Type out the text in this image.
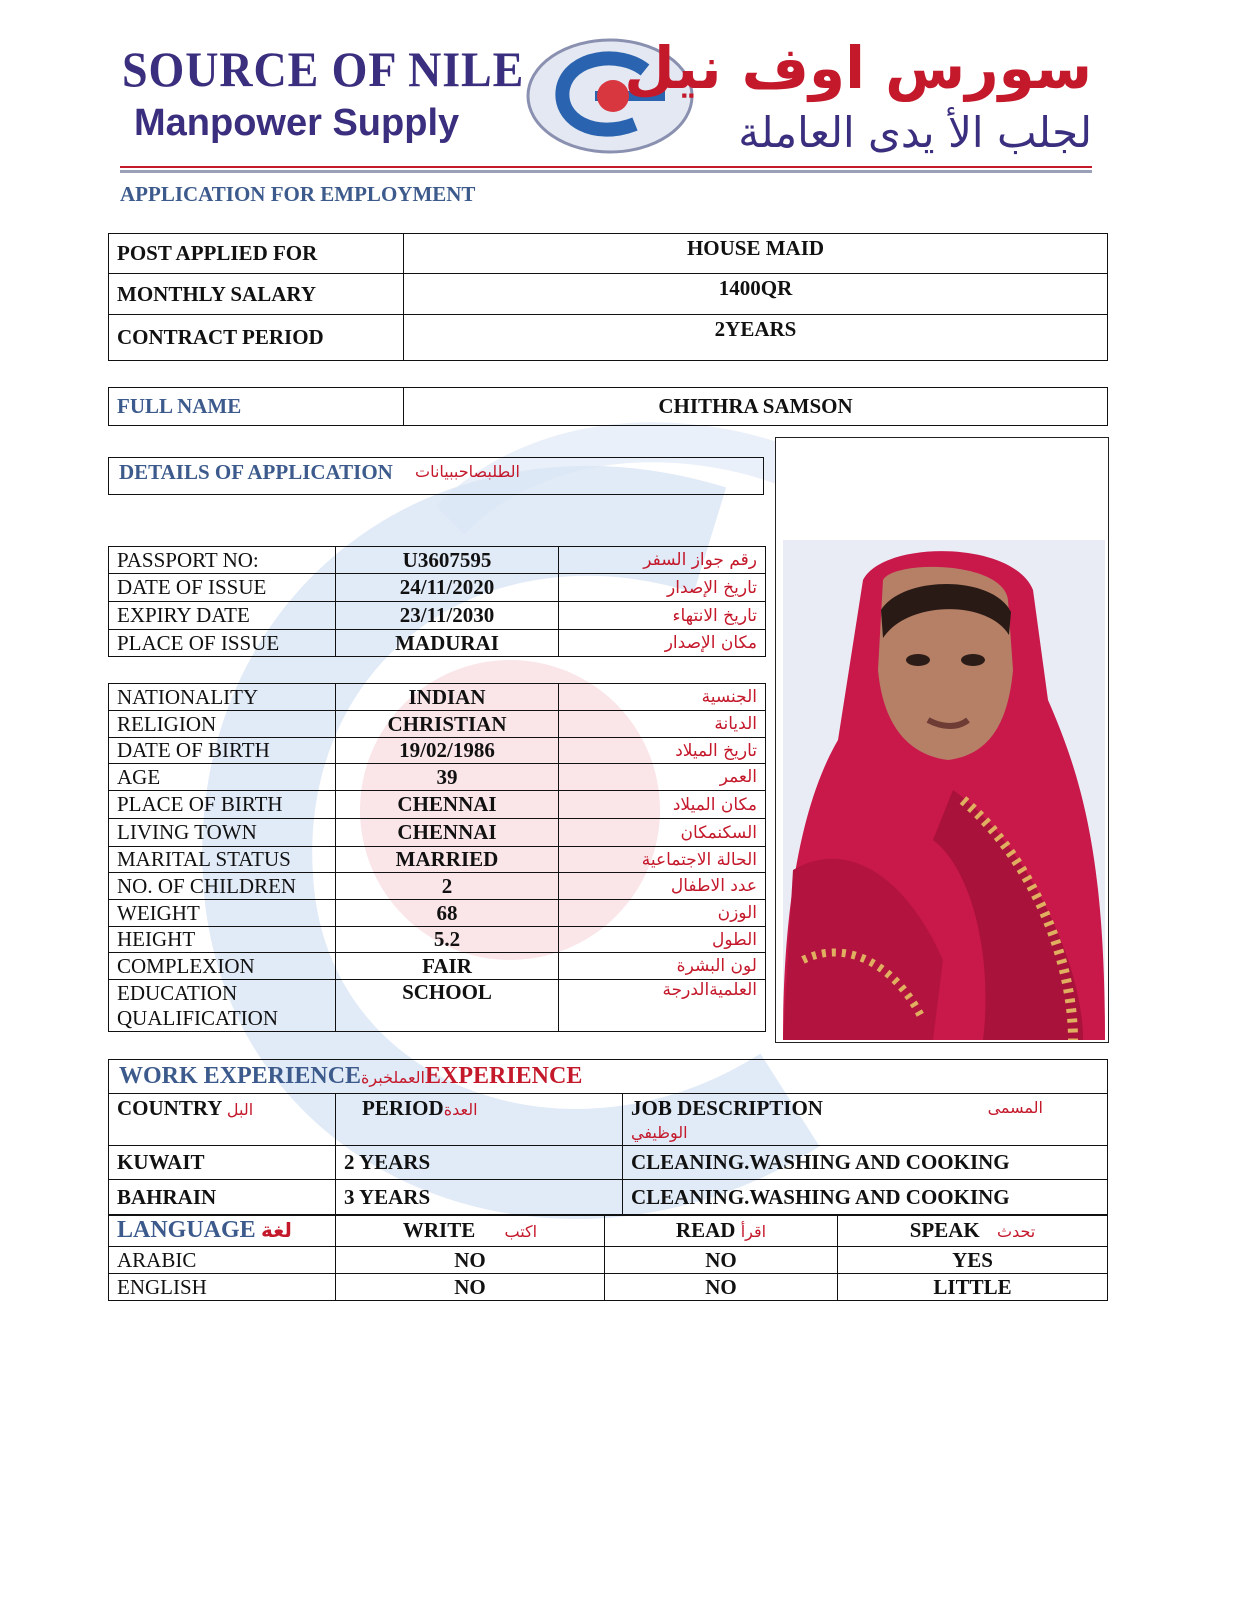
SOURCE OF NILE
Manpower Supply
سورس اوف نيل
لجلب الأ يدى العاملة
APPLICATION FOR EMPLOYMENT
POST APPLIED FOR	HOUSE MAID
MONTHLY SALARY	1400QR
CONTRACT PERIOD	2YEARS
FULL NAME	CHITHRA SAMSON
DETAILS OF APPLICATION الطلبصاحببيانات
PASSPORT NO:	U3607595	رقم جواز السفر
DATE OF ISSUE	24/11/2020	تاريخ الإصدار
EXPIRY DATE	23/11/2030	تاريخ الانتهاء
PLACE OF ISSUE	MADURAI	مكان الإصدار
NATIONALITY	INDIAN	الجنسية
RELIGION	CHRISTIAN	الديانة
DATE OF BIRTH	19/02/1986	تاريخ الميلاد
AGE	39	العمر
PLACE OF BIRTH	CHENNAI	مكان الميلاد
LIVING TOWN	CHENNAI	السكنمكان
MARITAL STATUS	MARRIED	الحالة الاجتماعية
NO. OF CHILDREN	2	عدد الاطفال
WEIGHT	68	الوزن
HEIGHT	5.2	الطول
COMPLEXION	FAIR	لون البشرة

EDUCATION
QUALIFICATION	SCHOOL	العلميةالدرجة
WORK EXPERIENCEالعملخبرةEXPERIENCE		
COUNTRY البل	PERIODالعدة	JOB DESCRIPTION المسمى
الوظيفي

KUWAIT	2 YEARS	CLEANING.WASHING AND COOKING
BAHRAIN	3 YEARS	CLEANING.WASHING AND COOKING
LANGUAGE لغة	WRITE اكتب	READ اقرأ	SPEAK تحدث
ARABIC	NO	NO	YES
ENGLISH	NO	NO	LITTLE
